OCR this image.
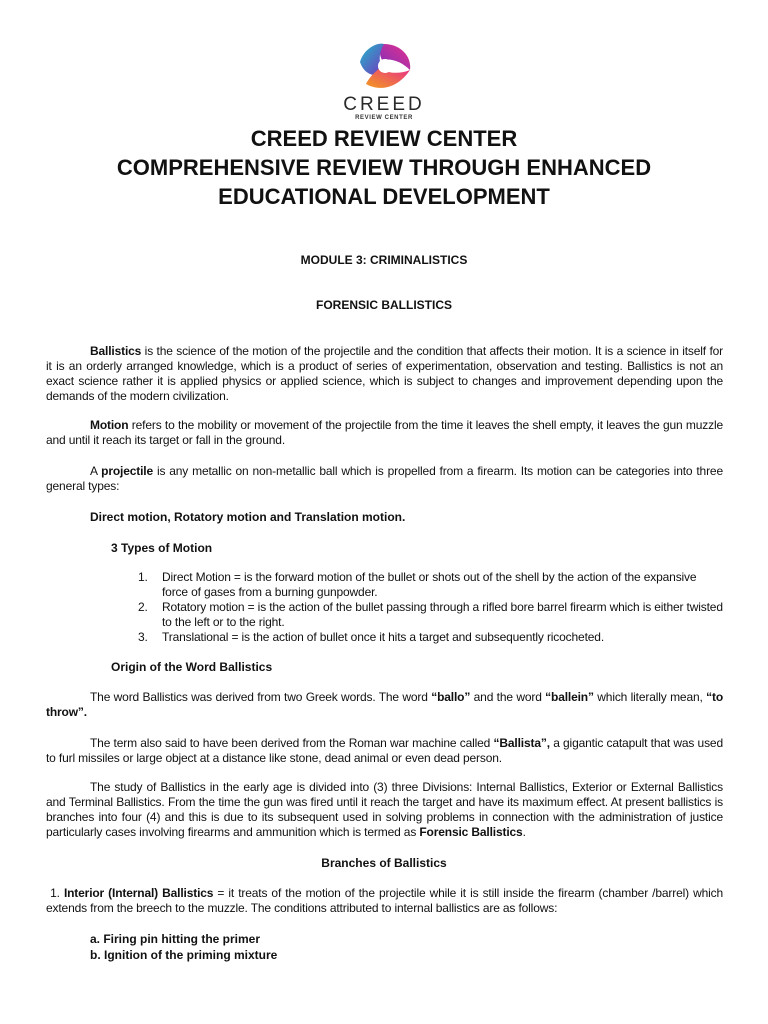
CREED
REVIEW CENTER
CREED REVIEW CENTER
COMPREHENSIVE REVIEW THROUGH ENHANCED
EDUCATIONAL DEVELOPMENT
MODULE 3: CRIMINALISTICS
FORENSIC BALLISTICS
Ballistics is the science of the motion of the projectile and the condition that affects their motion. It is a science in itself for it is an orderly arranged knowledge, which is a product of series of experimentation, observation and testing. Ballistics is not an exact science rather it is applied physics or applied science, which is subject to changes and improvement depending upon the demands of the modern civilization.
Motion refers to the mobility or movement of the projectile from the time it leaves the shell empty, it leaves the gun muzzle and until it reach its target or fall in the ground.
A projectile is any metallic on non-metallic ball which is propelled from a firearm. Its motion can be categories into three general types:
Direct motion, Rotatory motion and Translation motion.
3 Types of Motion
1. Direct Motion = is the forward motion of the bullet or shots out of the shell by the action of the expansive force of gases from a burning gunpowder.
2. Rotatory motion = is the action of the bullet passing through a rifled bore barrel firearm which is either twisted to the left or to the right.
3. Translational = is the action of bullet once it hits a target and subsequently ricocheted.
Origin of the Word Ballistics
The word Ballistics was derived from two Greek words. The word “ballo” and the word “ballein” which literally mean, “to throw”.
The term also said to have been derived from the Roman war machine called “Ballista”, a gigantic catapult that was used to furl missiles or large object at a distance like stone, dead animal or even dead person.
The study of Ballistics in the early age is divided into (3) three Divisions: Internal Ballistics, Exterior or External Ballistics and Terminal Ballistics. From the time the gun was fired until it reach the target and have its maximum effect. At present ballistics is branches into four (4) and this is due to its subsequent used in solving problems in connection with the administration of justice particularly cases involving firearms and ammunition which is termed as Forensic Ballistics.
Branches of Ballistics
1. Interior (Internal) Ballistics = it treats of the motion of the projectile while it is still inside the firearm (chamber /barrel) which extends from the breech to the muzzle. The conditions attributed to internal ballistics are as follows:
a. Firing pin hitting the primer
b. Ignition of the priming mixture
